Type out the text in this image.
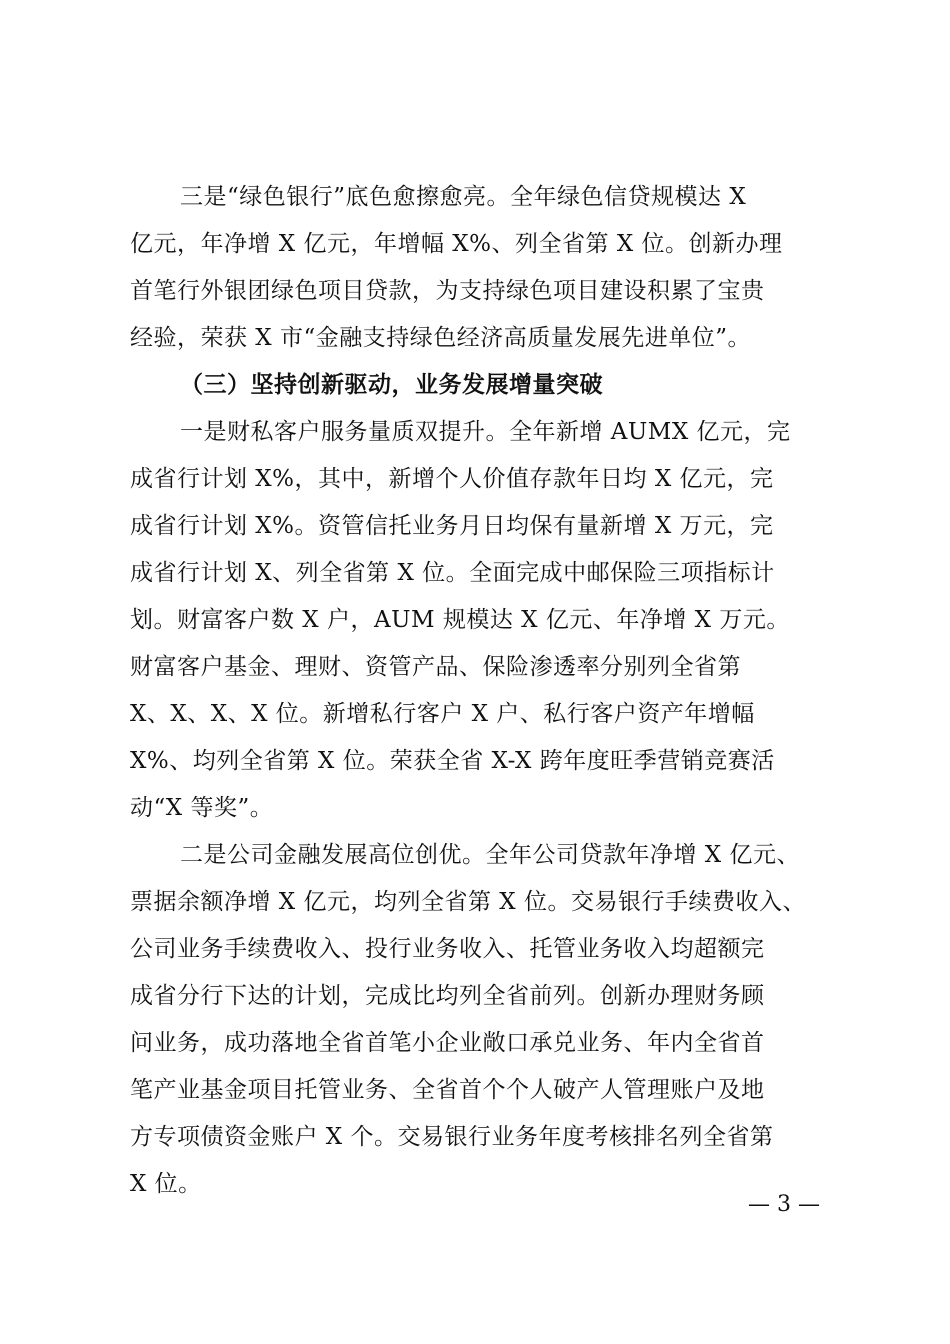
三是“绿色银行”底色愈擦愈亮。全年绿色信贷规模达 X
亿元，年净增 X 亿元，年增幅 X%、列全省第 X 位。创新办理
首笔行外银团绿色项目贷款，为支持绿色项目建设积累了宝贵
经验，荣获 X 市“金融支持绿色经济高质量发展先进单位”。
（三）坚持创新驱动，业务发展增量突破
一是财私客户服务量质双提升。全年新增 AUMX 亿元，完
成省行计划 X%，其中，新增个人价值存款年日均 X 亿元，完
成省行计划 X%。资管信托业务月日均保有量新增 X 万元，完
成省行计划 X、列全省第 X 位。全面完成中邮保险三项指标计
划。财富客户数 X 户，AUM 规模达 X 亿元、年净增 X 万元。
财富客户基金、理财、资管产品、保险渗透率分别列全省第
X、X、X、X 位。新增私行客户 X 户、私行客户资产年增幅
X%、均列全省第 X 位。荣获全省 X-X 跨年度旺季营销竞赛活
动“X 等奖”。
二是公司金融发展高位创优。全年公司贷款年净增 X 亿元、
票据余额净增 X 亿元，均列全省第 X 位。交易银行手续费收入、
公司业务手续费收入、投行业务收入、托管业务收入均超额完
成省分行下达的计划，完成比均列全省前列。创新办理财务顾
问业务，成功落地全省首笔小企业敞口承兑业务、年内全省首
笔产业基金项目托管业务、全省首个个人破产人管理账户及地
方专项债资金账户 X 个。交易银行业务年度考核排名列全省第
X 位。
— 3 —
